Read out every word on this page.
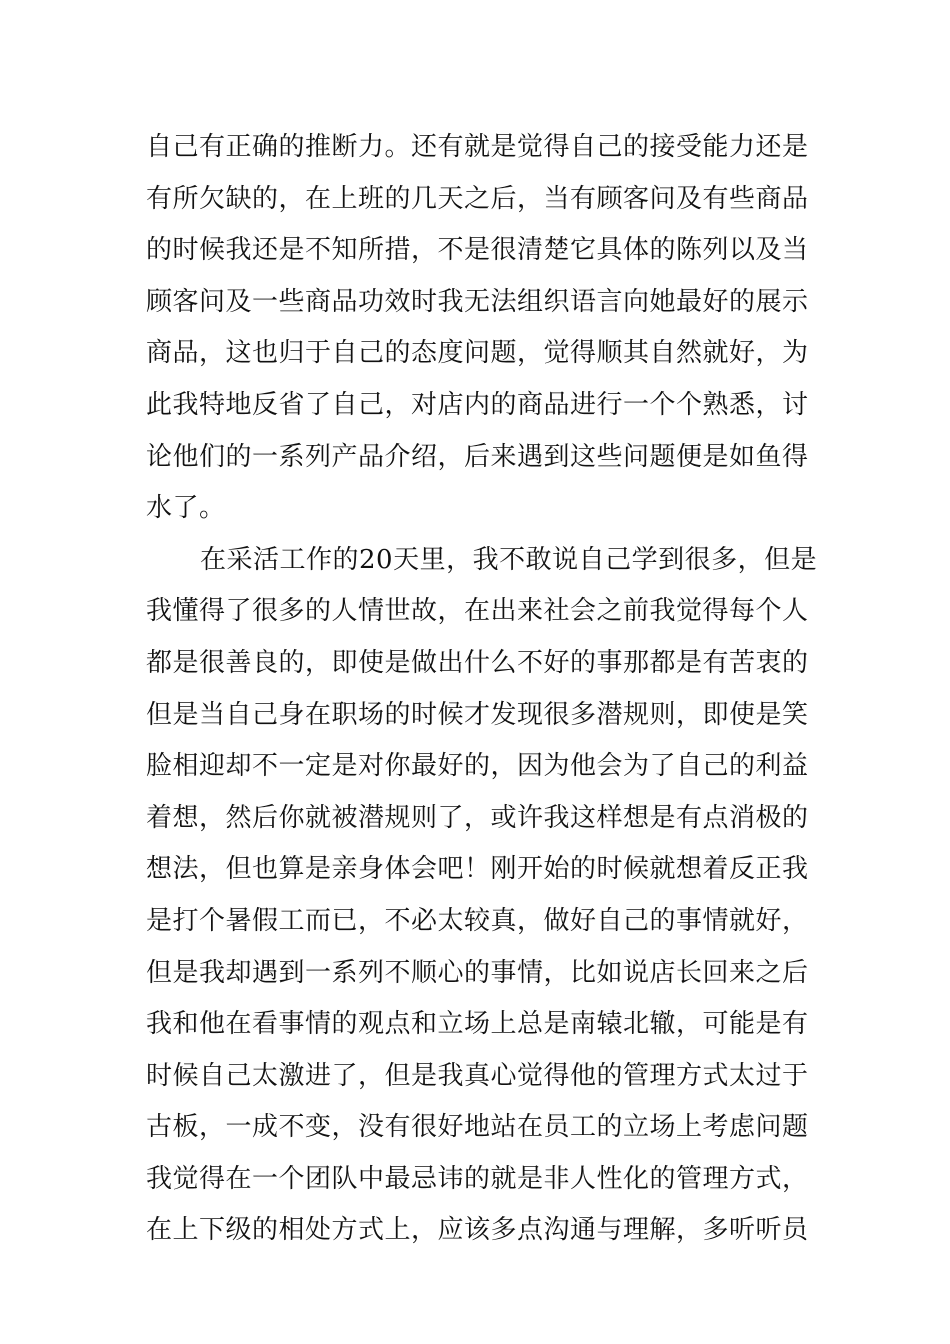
自己有正确的推断力。还有就是觉得自己的接受能力还是
有所欠缺的，在上班的几天之后，当有顾客问及有些商品
的时候我还是不知所措，不是很清楚它具体的陈列以及当
顾客问及一些商品功效时我无法组织语言向她最好的展示
商品，这也归于自己的态度问题，觉得顺其自然就好，为
此我特地反省了自己，对店内的商品进行一个个熟悉，讨
论他们的一系列产品介绍，后来遇到这些问题便是如鱼得
水了。
在采活工作的20天里，我不敢说自己学到很多，但是
我懂得了很多的人情世故，在出来社会之前我觉得每个人
都是很善良的，即使是做出什么不好的事那都是有苦衷的
但是当自己身在职场的时候才发现很多潜规则，即使是笑
脸相迎却不一定是对你最好的，因为他会为了自己的利益
着想，然后你就被潜规则了，或许我这样想是有点消极的
想法，但也算是亲身体会吧！刚开始的时候就想着反正我
是打个暑假工而已，不必太较真，做好自己的事情就好，
但是我却遇到一系列不顺心的事情，比如说店长回来之后
我和他在看事情的观点和立场上总是南辕北辙，可能是有
时候自己太激进了，但是我真心觉得他的管理方式太过于
古板，一成不变，没有很好地站在员工的立场上考虑问题
我觉得在一个团队中最忌讳的就是非人性化的管理方式，
在上下级的相处方式上，应该多点沟通与理解，多听听员
